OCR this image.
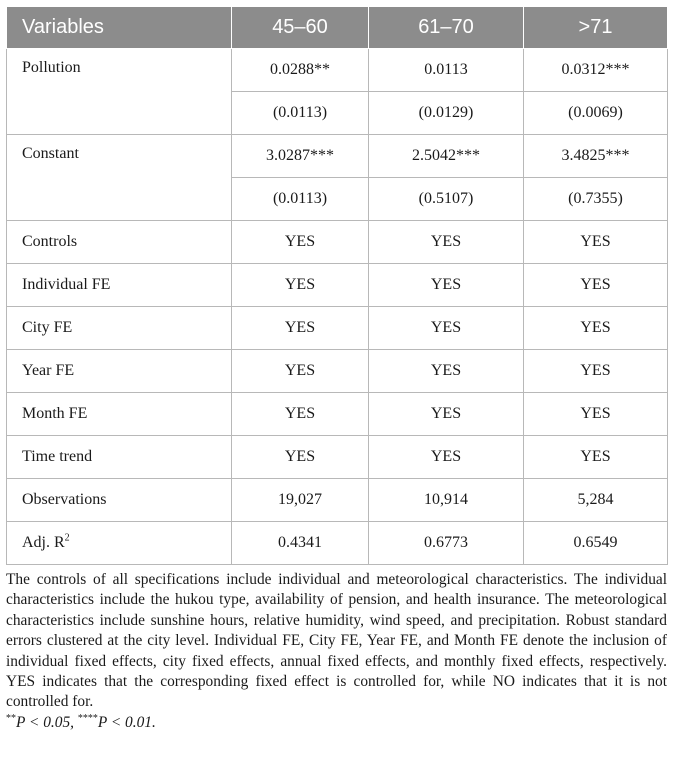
Variables	45–60	61–70	>71
Pollution	0.0288**	0.0113	0.0312***
	(0.0113)	(0.0129)	(0.0069)
Constant	3.0287***	2.5042***	3.4825***
	(0.0113)	(0.5107)	(0.7355)
Controls	YES	YES	YES
Individual FE	YES	YES	YES
City FE	YES	YES	YES
Year FE	YES	YES	YES
Month FE	YES	YES	YES
Time trend	YES	YES	YES
Observations	19,027	10,914	5,284
Adj. $R^2$	0.4341	0.6773	0.6549

The controls of all specifications include individual and meteorological characteristics. The individual characteristics include the hukou type, availability of pension, and health insurance. The meteorological characteristics include sunshine hours, relative humidity, wind speed, and precipitation. Robust standard errors clustered at the city level. Individual FE, City FE, Year FE, and Month FE denote the inclusion of individual fixed effects, city fixed effects, annual fixed effects, and monthly fixed effects, respectively. YES indicates that the corresponding fixed effect is controlled for, while NO indicates that it is not controlled for.

**P < 0.05, ****P < 0.01.
